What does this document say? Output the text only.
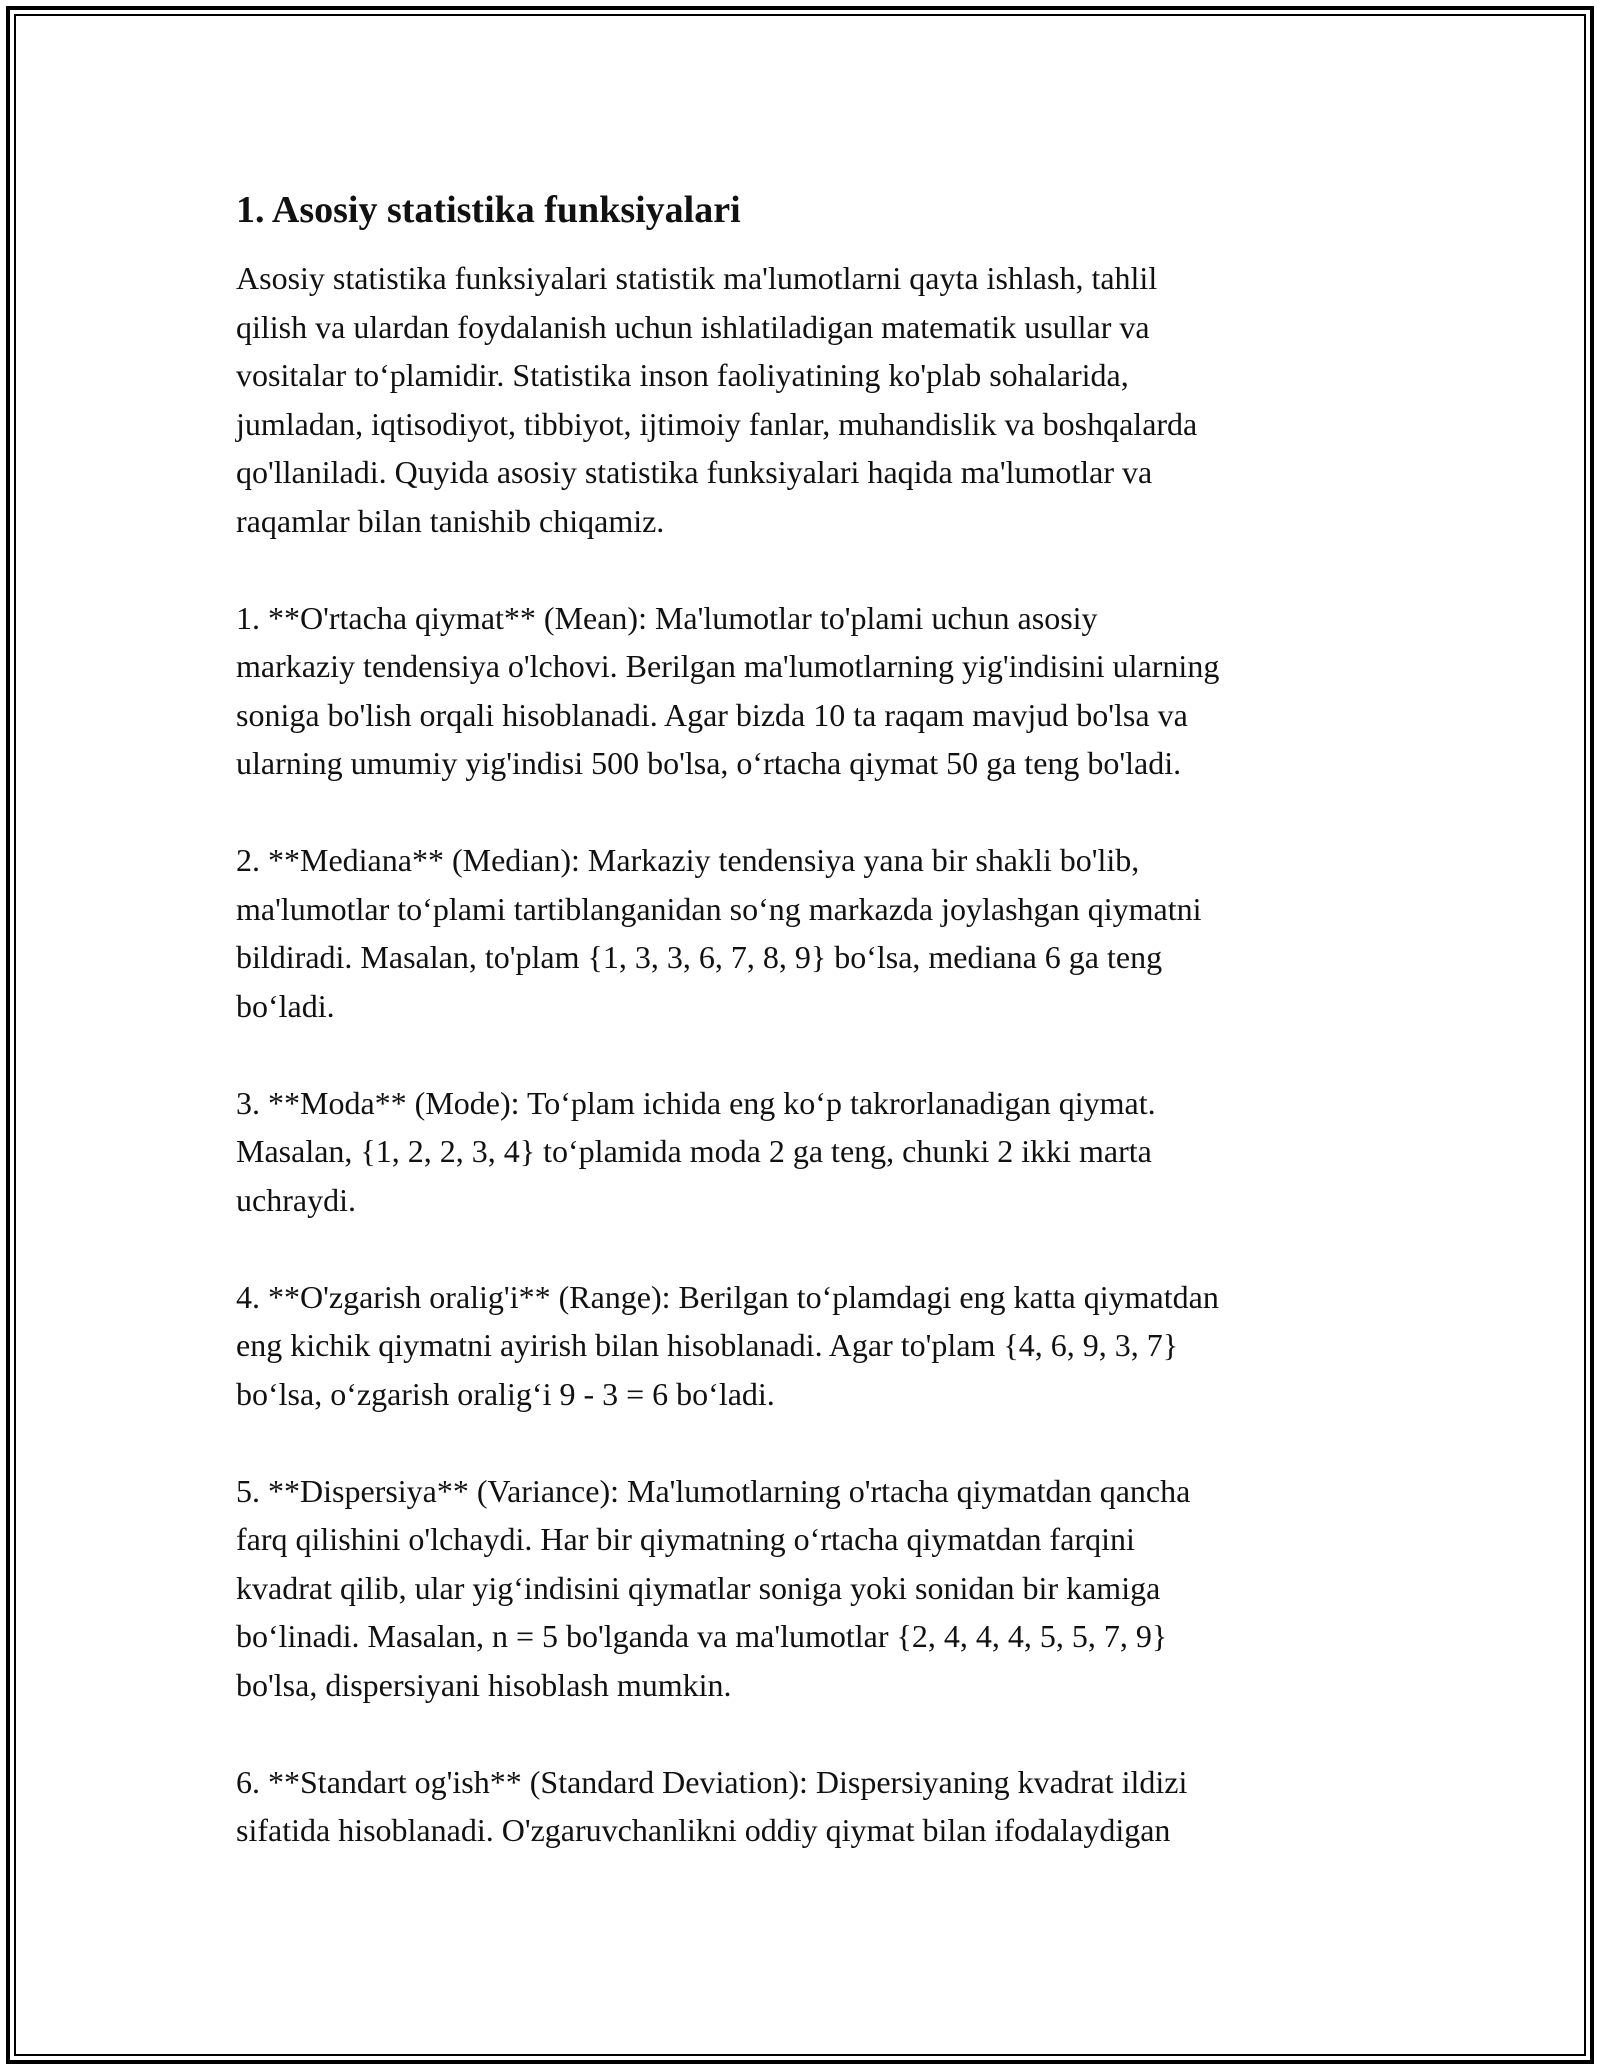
1. Asosiy statistika funksiyalari

Asosiy statistika funksiyalari statistik ma'lumotlarni qayta ishlash, tahlil
qilish va ulardan foydalanish uchun ishlatiladigan matematik usullar va
vositalar to‘plamidir. Statistika inson faoliyatining ko'plab sohalarida,
jumladan, iqtisodiyot, tibbiyot, ijtimoiy fanlar, muhandislik va boshqalarda
qo'llaniladi. Quyida asosiy statistika funksiyalari haqida ma'lumotlar va
raqamlar bilan tanishib chiqamiz.

1. **O'rtacha qiymat** (Mean): Ma'lumotlar to'plami uchun asosiy
markaziy tendensiya o'lchovi. Berilgan ma'lumotlarning yig'indisini ularning
soniga bo'lish orqali hisoblanadi. Agar bizda 10 ta raqam mavjud bo'lsa va
ularning umumiy yig'indisi 500 bo'lsa, o‘rtacha qiymat 50 ga teng bo'ladi.

2. **Mediana** (Median): Markaziy tendensiya yana bir shakli bo'lib,
ma'lumotlar to‘plami tartiblanganidan so‘ng markazda joylashgan qiymatni
bildiradi. Masalan, to'plam {1, 3, 3, 6, 7, 8, 9} bo‘lsa, mediana 6 ga teng
bo‘ladi.

3. **Moda** (Mode): To‘plam ichida eng ko‘p takrorlanadigan qiymat.
Masalan, {1, 2, 2, 3, 4} to‘plamida moda 2 ga teng, chunki 2 ikki marta
uchraydi.

4. **O'zgarish oralig'i** (Range): Berilgan to‘plamdagi eng katta qiymatdan
eng kichik qiymatni ayirish bilan hisoblanadi. Agar to'plam {4, 6, 9, 3, 7}
bo‘lsa, o‘zgarish oralig‘i 9 - 3 = 6 bo‘ladi.

5. **Dispersiya** (Variance): Ma'lumotlarning o'rtacha qiymatdan qancha
farq qilishini o'lchaydi. Har bir qiymatning o‘rtacha qiymatdan farqini
kvadrat qilib, ular yig‘indisini qiymatlar soniga yoki sonidan bir kamiga
bo‘linadi. Masalan, n = 5 bo'lganda va ma'lumotlar {2, 4, 4, 4, 5, 5, 7, 9}
bo'lsa, dispersiyani hisoblash mumkin.

6. **Standart og'ish** (Standard Deviation): Dispersiyaning kvadrat ildizi
sifatida hisoblanadi. O'zgaruvchanlikni oddiy qiymat bilan ifodalaydigan
